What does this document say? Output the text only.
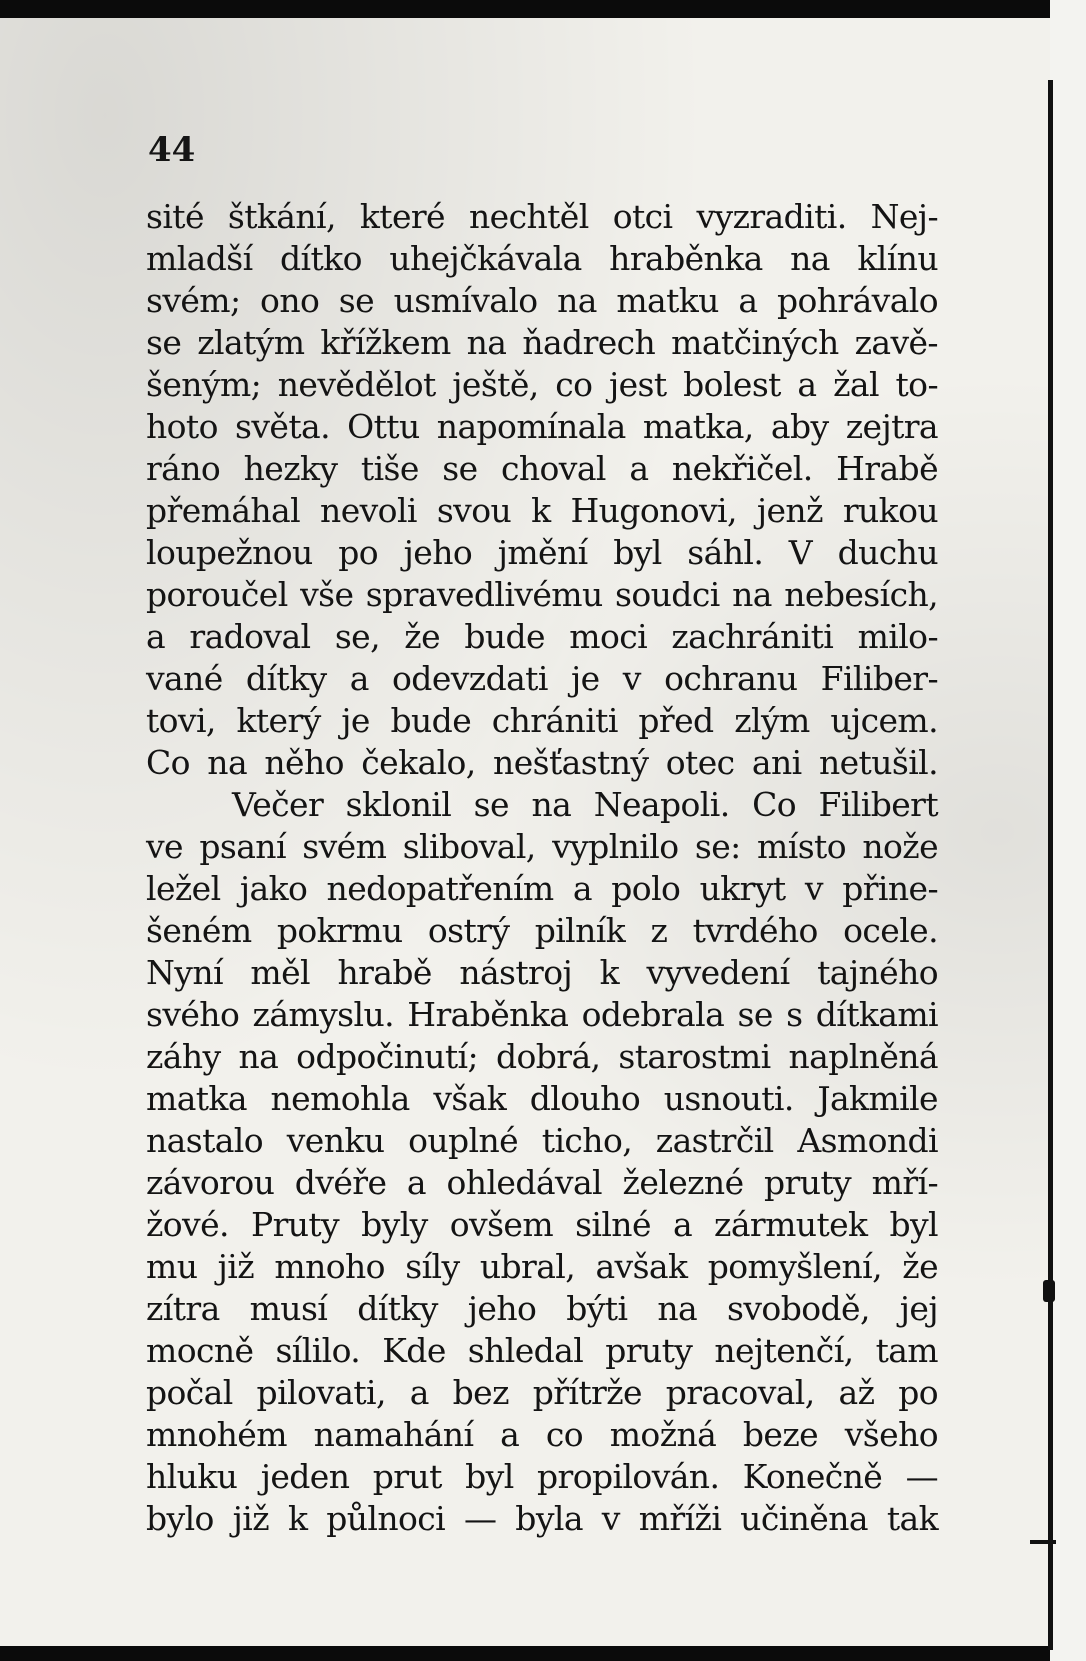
44

sité štkání, které nechtěl otci vyzraditi. Nej-
mladší dítko uhejčkávala hraběnka na klínu
svém; ono se usmívalo na matku a pohrávalo
se zlatým křížkem na ňadrech matčiných zavě-
šeným; nevědělot ještě, co jest bolest a žal to-
hoto světa. Ottu napomínala matka, aby zejtra
ráno hezky tiše se choval a nekřičel. Hrabě
přemáhal nevoli svou k Hugonovi, jenž rukou
loupežnou po jeho jmění byl sáhl. V duchu
poroučel vše spravedlivému soudci na nebesích,
a radoval se, že bude moci zachrániti milo-
vané dítky a odevzdati je v ochranu Filiber-
tovi, který je bude chrániti před zlým ujcem.
Co na něho čekalo, nešťastný otec ani netušil.
Večer sklonil se na Neapoli. Co Filibert
ve psaní svém sliboval, vyplnilo se: místo nože
ležel jako nedopatřením a polo ukryt v přine-
šeném pokrmu ostrý pilník z tvrdého ocele.
Nyní měl hrabě nástroj k vyvedení tajného
svého zámyslu. Hraběnka odebrala se s dítkami
záhy na odpočinutí; dobrá, starostmi naplněná
matka nemohla však dlouho usnouti. Jakmile
nastalo venku ouplné ticho, zastrčil Asmondi
závorou dvéře a ohledával železné pruty mří-
žové. Pruty byly ovšem silné a zármutek byl
mu již mnoho síly ubral, avšak pomyšlení, že
zítra musí dítky jeho býti na svobodě, jej
mocně sílilo. Kde shledal pruty nejtenčí, tam
počal pilovati, a bez přítrže pracoval, až po
mnohém namahání a co možná beze všeho
hluku jeden prut byl propilován. Konečně —
bylo již k půlnoci — byla v mříži učiněna tak
